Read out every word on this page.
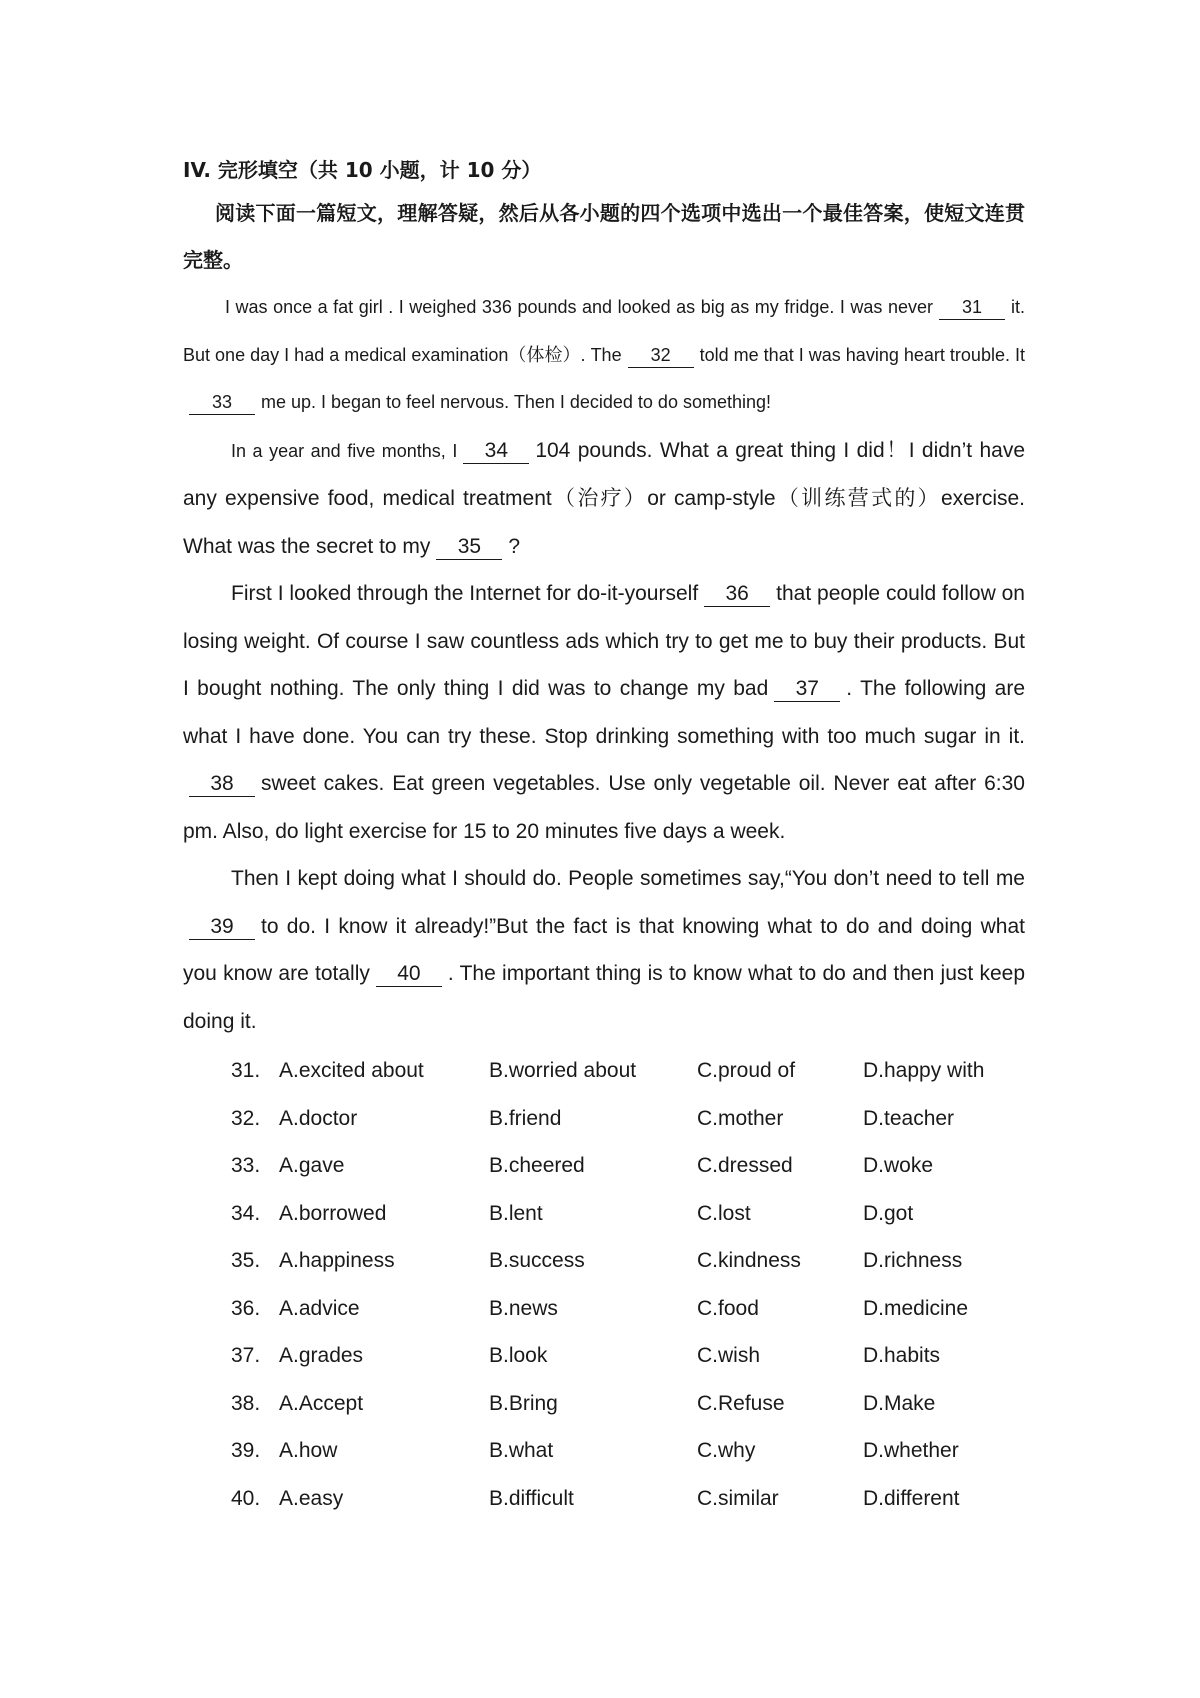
IV. 完形填空（共 10 小题，计 10 分）

阅读下面一篇短文，理解答疑，然后从各小题的四个选项中选出一个最佳答案，使短文连贯完整。

I was once a fat girl . I weighed 336 pounds and looked as big as my fridge. I was never 31 it. But one day I had a medical examination（体检）. The 32 told me that I was having heart trouble. It33 me up. I began to feel nervous. Then I decided to do something!

In a year and five months, I 34 104 pounds. What a great thing I did！I didn’t have any expensive food, medical treatment（治疗）or camp-style（训练营式的）exercise. What was the secret to my 35 ?

First I looked through the Internet for do-it-yourself 36 that people could follow on losing weight. Of course I saw countless ads which try to get me to buy their products. But I bought nothing. The only thing I did was to change my bad 37 . The following are what I have done. You can try these. Stop drinking something with too much sugar in it.38 sweet cakes. Eat green vegetables. Use only vegetable oil. Never eat after 6:30 pm. Also, do light exercise for 15 to 20 minutes five days a week.

Then I kept doing what I should do. People sometimes say,“You don’t need to tell me39 to do. I know it already!”But the fact is that knowing what to do and doing what you know are totally 40 . The important thing is to know what to do and then just keep doing it.

31. A.excited about	B.worried about	C.proud of	D.happy with
32. A.doctor	B.friend	C.mother	D.teacher
33. A.gave	B.cheered	C.dressed	D.woke
34. A.borrowed	B.lent	C.lost	D.got
35. A.happiness	B.success	C.kindness	D.richness
36. A.advice	B.news	C.food	D.medicine
37. A.grades	B.look	C.wish	D.habits
38. A.Accept	B.Bring	C.Refuse	D.Make
39. A.how	B.what	C.why	D.whether
40. A.easy	B.difficult	C.similar	D.different
